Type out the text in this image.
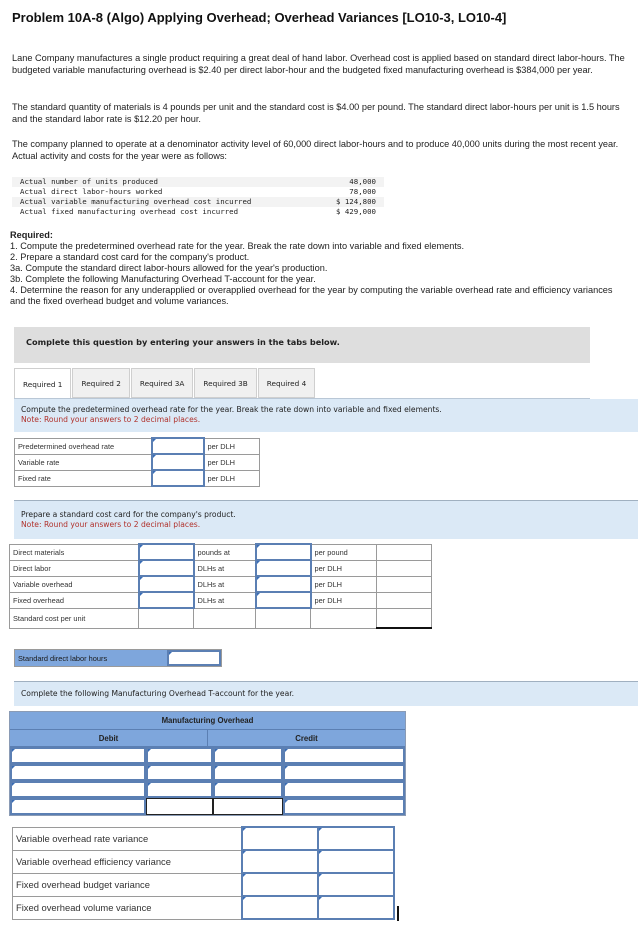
Problem 10A-8 (Algo) Applying Overhead; Overhead Variances [LO10-3, LO10-4]
Lane Company manufactures a single product requiring a great deal of hand labor. Overhead cost is applied based on standard direct labor-hours. The budgeted variable manufacturing overhead is $2.40 per direct labor-hour and the budgeted fixed manufacturing overhead is $384,000 per year.
The standard quantity of materials is 4 pounds per unit and the standard cost is $4.00 per pound. The standard direct labor-hours per unit is 1.5 hours and the standard labor rate is $12.20 per hour.
The company planned to operate at a denominator activity level of 60,000 direct labor-hours and to produce 40,000 units during the most recent year. Actual activity and costs for the year were as follows:
Actual number of units produced	48,000
Actual direct labor-hours worked	78,000
Actual variable manufacturing overhead cost incurred	$ 124,800
Actual fixed manufacturing overhead cost incurred	$ 429,000
Required:
1. Compute the predetermined overhead rate for the year. Break the rate down into variable and fixed elements.
2. Prepare a standard cost card for the company's product.
3a. Compute the standard direct labor-hours allowed for the year's production.
3b. Complete the following Manufacturing Overhead T-account for the year.
4. Determine the reason for any underapplied or overapplied overhead for the year by computing the variable overhead rate and efficiency variances and the fixed overhead budget and volume variances.
Complete this question by entering your answers in the tabs below.
Required 1	Required 2	Required 3A	Required 3B	Required 4
Compute the predetermined overhead rate for the year. Break the rate down into variable and fixed elements.
Note: Round your answers to 2 decimal places.
Predetermined overhead rate		per DLH
Variable rate		per DLH
Fixed rate		per DLH
Prepare a standard cost card for the company's product.
Note: Round your answers to 2 decimal places.
Direct materials		pounds at		per pound	
Direct labor		DLHs at		per DLH	
Variable overhead		DLHs at		per DLH	
Fixed overhead		DLHs at		per DLH	
Standard cost per unit					
Standard direct labor hours
Complete the following Manufacturing Overhead T-account for the year.
Manufacturing Overhead
Debit	Credit
Variable overhead rate variance		
Variable overhead efficiency variance		
Fixed overhead budget variance		
Fixed overhead volume variance		
